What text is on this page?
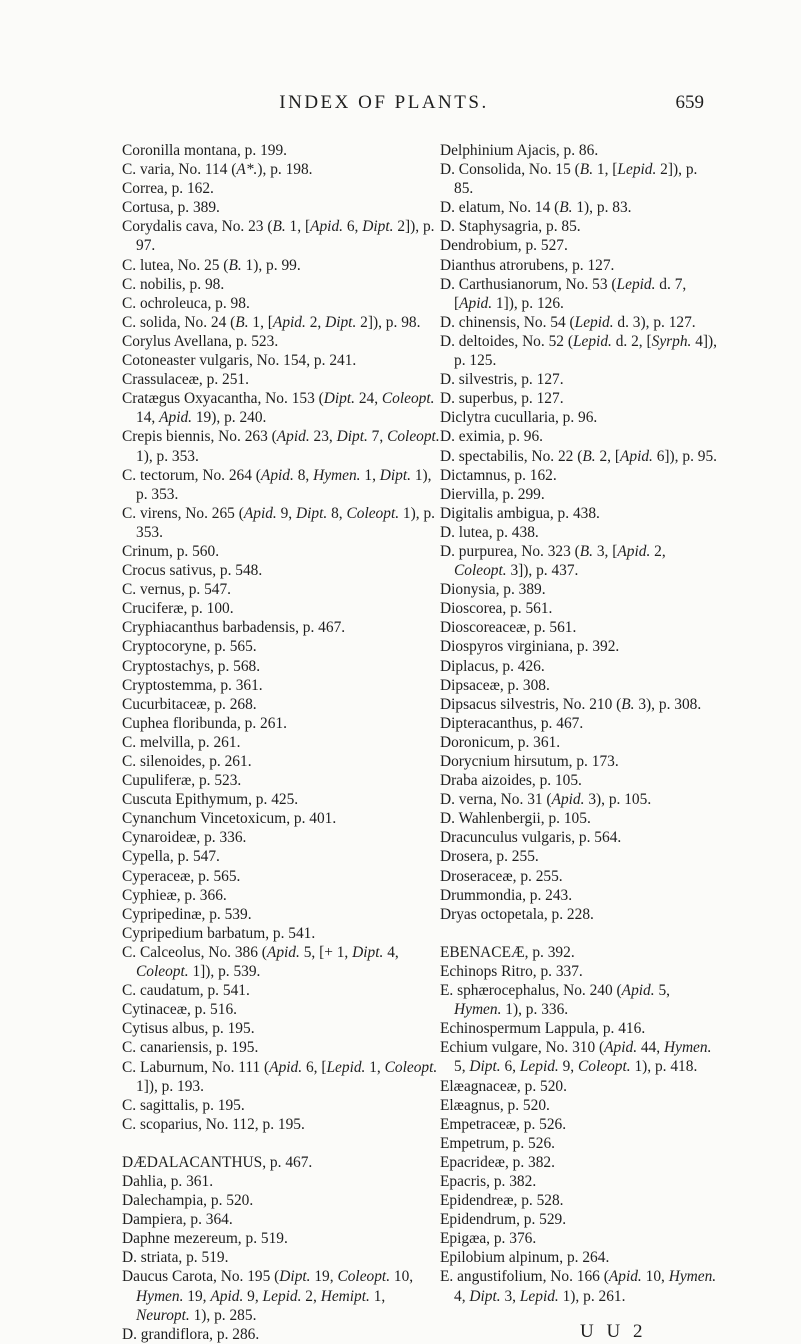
INDEX OF PLANTS.	659

Coronilla montana, p. 199.

C. varia, No. 114 (A*.), p. 198.

Correa, p. 162.

Cortusa, p. 389.

Corydalis cava, No. 23 (B. 1, [Apid. 6, Dipt. 2]), p. 97.

C. lutea, No. 25 (B. 1), p. 99.

C. nobilis, p. 98.

C. ochroleuca, p. 98.

C. solida, No. 24 (B. 1, [Apid. 2, Dipt. 2]), p. 98.

Corylus Avellana, p. 523.

Cotoneaster vulgaris, No. 154, p. 241.

Crassulaceæ, p. 251.

Cratægus Oxyacantha, No. 153 (Dipt. 24, Coleopt. 14, Apid. 19), p. 240.

Crepis biennis, No. 263 (Apid. 23, Dipt. 7, Coleopt. 1), p. 353.

C. tectorum, No. 264 (Apid. 8, Hymen. 1, Dipt. 1), p. 353.

C. virens, No. 265 (Apid. 9, Dipt. 8, Coleopt. 1), p. 353.

Crinum, p. 560.

Crocus sativus, p. 548.

C. vernus, p. 547.

Cruciferæ, p. 100.

Cryphiacanthus barbadensis, p. 467.

Cryptocoryne, p. 565.

Cryptostachys, p. 568.

Cryptostemma, p. 361.

Cucurbitaceæ, p. 268.

Cuphea floribunda, p. 261.

C. melvilla, p. 261.

C. silenoides, p. 261.

Cupuliferæ, p. 523.

Cuscuta Epithymum, p. 425.

Cynanchum Vincetoxicum, p. 401.

Cynaroideæ, p. 336.

Cypella, p. 547.

Cyperaceæ, p. 565.

Cyphieæ, p. 366.

Cypripedinæ, p. 539.

Cypripedium barbatum, p. 541.

C. Calceolus, No. 386 (Apid. 5, [+ 1, Dipt. 4, Coleopt. 1]), p. 539.

C. caudatum, p. 541.

Cytinaceæ, p. 516.

Cytisus albus, p. 195.

C. canariensis, p. 195.

C. Laburnum, No. 111 (Apid. 6, [Lepid. 1, Coleopt. 1]), p. 193.

C. sagittalis, p. 195.

C. scoparius, No. 112, p. 195.

DÆDALACANTHUS, p. 467.

Dahlia, p. 361.

Dalechampia, p. 520.

Dampiera, p. 364.

Daphne mezereum, p. 519.

D. striata, p. 519.

Daucus Carota, No. 195 (Dipt. 19, Coleopt. 10, Hymen. 19, Apid. 9, Lepid. 2, Hemipt. 1, Neuropt. 1), p. 285.

D. grandiflora, p. 286.

Delphinium Ajacis, p. 86.

D. Consolida, No. 15 (B. 1, [Lepid. 2]), p. 85.

D. elatum, No. 14 (B. 1), p. 83.

D. Staphysagria, p. 85.

Dendrobium, p. 527.

Dianthus atrorubens, p. 127.

D. Carthusianorum, No. 53 (Lepid. d. 7, [Apid. 1]), p. 126.

D. chinensis, No. 54 (Lepid. d. 3), p. 127.

D. deltoides, No. 52 (Lepid. d. 2, [Syrph. 4]), p. 125.

D. silvestris, p. 127.

D. superbus, p. 127.

Diclytra cucullaria, p. 96.

D. eximia, p. 96.

D. spectabilis, No. 22 (B. 2, [Apid. 6]), p. 95.

Dictamnus, p. 162.

Diervilla, p. 299.

Digitalis ambigua, p. 438.

D. lutea, p. 438.

D. purpurea, No. 323 (B. 3, [Apid. 2, Coleopt. 3]), p. 437.

Dionysia, p. 389.

Dioscorea, p. 561.

Dioscoreaceæ, p. 561.

Diospyros virginiana, p. 392.

Diplacus, p. 426.

Dipsaceæ, p. 308.

Dipsacus silvestris, No. 210 (B. 3), p. 308.

Dipteracanthus, p. 467.

Doronicum, p. 361.

Dorycnium hirsutum, p. 173.

Draba aizoides, p. 105.

D. verna, No. 31 (Apid. 3), p. 105.

D. Wahlenbergii, p. 105.

Dracunculus vulgaris, p. 564.

Drosera, p. 255.

Droseraceæ, p. 255.

Drummondia, p. 243.

Dryas octopetala, p. 228.

EBENACEÆ, p. 392.

Echinops Ritro, p. 337.

E. sphærocephalus, No. 240 (Apid. 5, Hymen. 1), p. 336.

Echinospermum Lappula, p. 416.

Echium vulgare, No. 310 (Apid. 44, Hymen. 5, Dipt. 6, Lepid. 9, Coleopt. 1), p. 418.

Elæagnaceæ, p. 520.

Elæagnus, p. 520.

Empetraceæ, p. 526.

Empetrum, p. 526.

Epacrideæ, p. 382.

Epacris, p. 382.

Epidendreæ, p. 528.

Epidendrum, p. 529.

Epigæa, p. 376.

Epilobium alpinum, p. 264.

E. angustifolium, No. 166 (Apid. 10, Hymen. 4, Dipt. 3, Lepid. 1), p. 261.

U U 2
